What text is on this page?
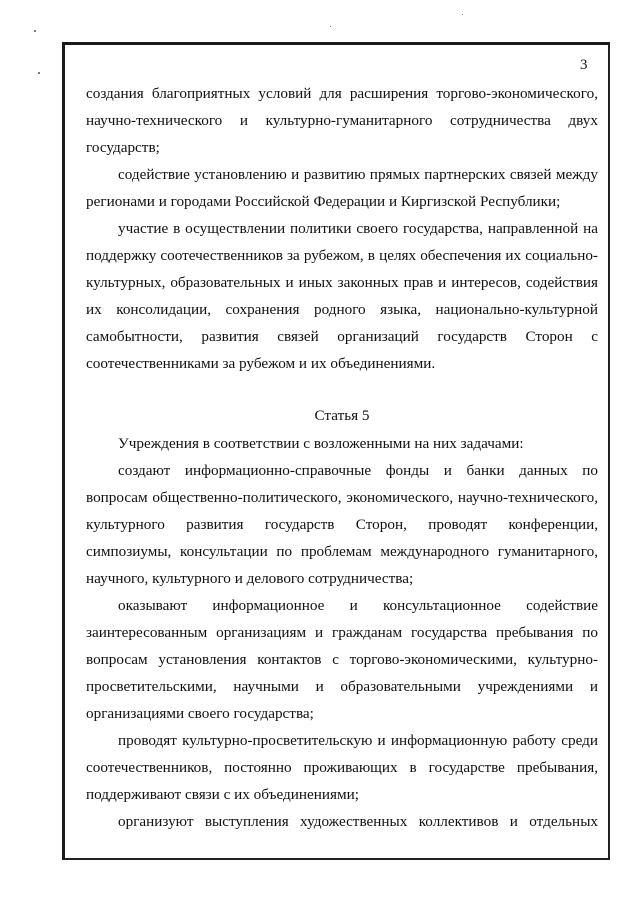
3

создания благоприятных условий для расширения торгово-экономического, научно-технического и культурно-гуманитарного сотрудничества двух государств;

содействие установлению и развитию прямых партнерских связей между регионами и городами Российской Федерации и Киргизской Республики;

участие в осуществлении политики своего государства, направленной на поддержку соотечественников за рубежом, в целях обеспечения их социально-культурных, образовательных и иных законных прав и интересов, содействия их консолидации, сохранения родного языка, национально-культурной самобытности, развития связей организаций государств Сторон с соотечественниками за рубежом и их объединениями.

Статья 5

Учреждения в соответствии с возложенными на них задачами:

создают информационно-справочные фонды и банки данных по вопросам общественно-политического, экономического, научно-технического, культурного развития государств Сторон, проводят конференции, симпозиумы, консультации по проблемам международного гуманитарного, научного, культурного и делового сотрудничества;

оказывают информационное и консультационное содействие заинтересованным организациям и гражданам государства пребывания по вопросам установления контактов с торгово-экономическими, культурно-просветительскими, научными и образовательными учреждениями и организациями своего государства;

проводят культурно-просветительскую и информационную работу среди соотечественников, постоянно проживающих в государстве пребывания, поддерживают связи с их объединениями;

организуют выступления художественных коллективов и отдельных
